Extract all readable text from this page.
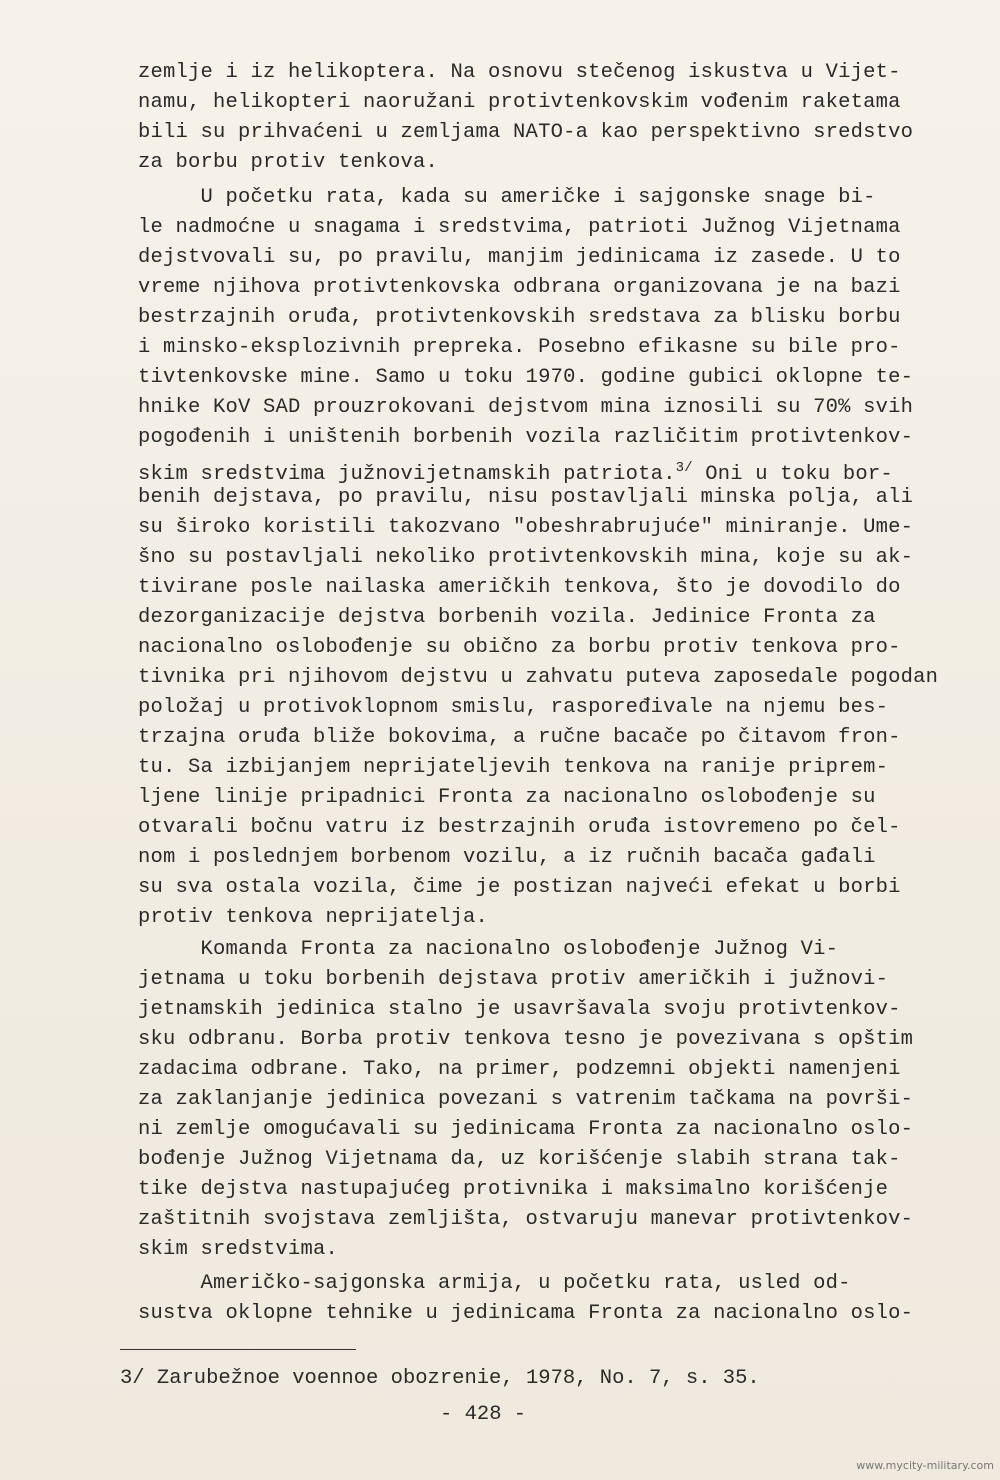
zemlje i iz helikoptera. Na osnovu stečenog iskustva u Vijet-
namu, helikopteri naoružani protivtenkovskim vođenim raketama
bili su prihvaćeni u zemljama NATO-a kao perspektivno sredstvo
za borbu protiv tenkova.
U početku rata, kada su američke i sajgonske snage bi-
le nadmoćne u snagama i sredstvima, patrioti Južnog Vijetnama
dejstvovali su, po pravilu, manjim jedinicama iz zasede. U to
vreme njihova protivtenkovska odbrana organizovana je na bazi
bestrzajnih oruđa, protivtenkovskih sredstava za blisku borbu
i minsko-eksplozivnih prepreka. Posebno efikasne su bile pro-
tivtenkovske mine. Samo u toku 1970. godine gubici oklopne te-
hnike KoV SAD prouzrokovani dejstvom mina iznosili su 70% svih
pogođenih i uništenih borbenih vozila različitim protivtenkov-
skim sredstvima južnovijetnamskih patriota.$^{3/}$ Oni u toku bor-
benih dejstava, po pravilu, nisu postavljali minska polja, ali
su široko koristili takozvano "obeshrabrujuće" miniranje. Ume-
šno su postavljali nekoliko protivtenkovskih mina, koje su ak-
tivirane posle nailaska američkih tenkova, što je dovodilo do
dezorganizacije dejstva borbenih vozila. Jedinice Fronta za
nacionalno oslobođenje su obično za borbu protiv tenkova pro-
tivnika pri njihovom dejstvu u zahvatu puteva zaposedale pogodan
položaj u protivoklopnom smislu, raspoređivale na njemu bes-
trzajna oruđa bliže bokovima, a ručne bacače po čitavom fron-
tu. Sa izbijanjem neprijateljevih tenkova na ranije priprem-
ljene linije pripadnici Fronta za nacionalno oslobođenje su
otvarali bočnu vatru iz bestrzajnih oruđa istovremeno po čel-
nom i poslednjem borbenom vozilu, a iz ručnih bacača gađali
su sva ostala vozila, čime je postizan najveći efekat u borbi
protiv tenkova neprijatelja.
Komanda Fronta za nacionalno oslobođenje Južnog Vi-
jetnama u toku borbenih dejstava protiv američkih i južnovi-
jetnamskih jedinica stalno je usavršavala svoju protivtenkov-
sku odbranu. Borba protiv tenkova tesno je povezivana s opštim
zadacima odbrane. Tako, na primer, podzemni objekti namenjeni
za zaklanjanje jedinica povezani s vatrenim tačkama na površi-
ni zemlje omogućavali su jedinicama Fronta za nacionalno oslo-
bođenje Južnog Vijetnama da, uz korišćenje slabih strana tak-
tike dejstva nastupajućeg protivnika i maksimalno korišćenje
zaštitnih svojstava zemljišta, ostvaruju manevar protivtenkov-
skim sredstvima.
Američko-sajgonska armija, u početku rata, usled od-
sustva oklopne tehnike u jedinicama Fronta za nacionalno oslo-
3/ Zarubežnoe voennoe obozrenie, 1978, No. 7, s. 35.
- 428 -
www.mycity-military.com
